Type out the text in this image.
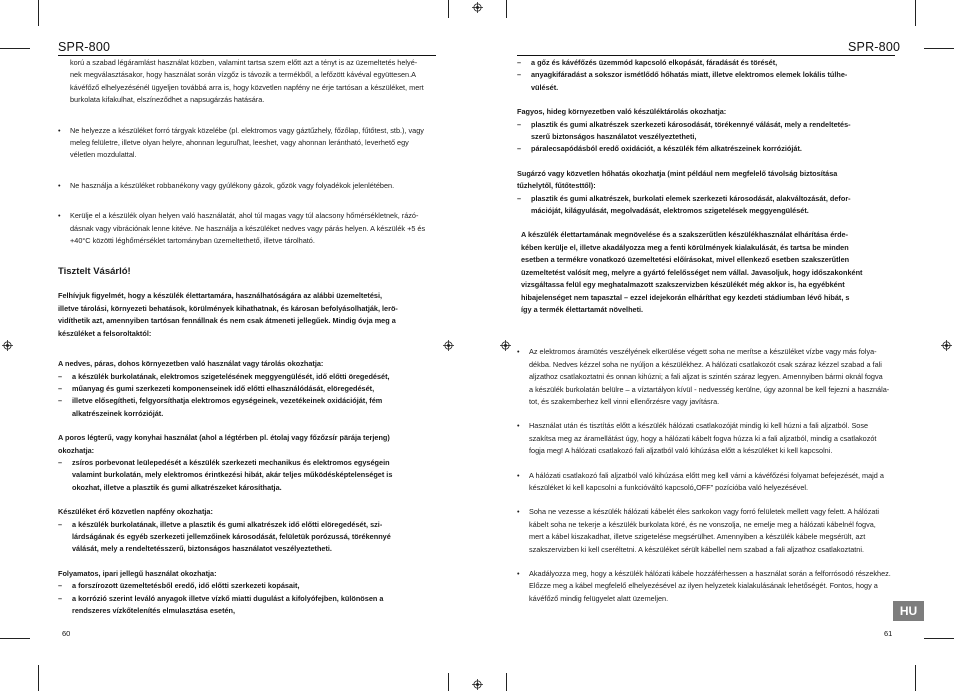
SPR-800	SPR-800
korú a szabad légáramlást használat közben, valamint tartsa szem előtt azt a tényt is az üzemeltetés helyé-
nek megválasztásakor, hogy használat során vízgőz is távozik a termékből, a lefőzött kávéval együttesen.A
kávéfőző elhelyezésénél ügyeljen továbbá arra is, hogy közvetlen napfény ne érje tartósan a készüléket, mert
burkolata kifakulhat, elszíneződhet a napsugárzás hatására.
• Ne helyezze a készüléket forró tárgyak közelébe (pl. elektromos vagy gáztűzhely, főzőlap, fűtőtest, stb.), vagy
meleg felületre, illetve olyan helyre, ahonnan leguruľhat, leeshet, vagy ahonnan lerántható, leverhető egy
véletlen mozdulattal.
• Ne használja a készüléket robbanékony vagy gyúlékony gázok, gőzök vagy folyadékok jelenlétében.
• Kerülje el a készülék olyan helyen való használatát, ahol túl magas vagy túl alacsony hőmérsékletnek, rázó-
dásnak vagy vibrációnak lenne kitéve. Ne használja a készüléket nedves vagy párás helyen. A készülék +5 és
+40°C közötti léghőmérséklet tartományban üzemeltethető, illetve tárolható.
Tisztelt Vásárló!
Felhívjuk figyelmét, hogy a készülék élettartamára, használhatóságára az alábbi üzemeltetési,
illetve tárolási, környezeti behatások, körülmények kihathatnak, és károsan befolyásolhatják, lerö-
vidíthetik azt, amennyiben tartósan fennállnak és nem csak átmeneti jellegűek. Mindig óvja meg a
készüléket a felsoroltaktól:
A nedves, páras, dohos környezetben való használat vagy tárolás okozhatja:
– a készülék burkolatának, elektromos szigetelésének meggyengülését, idő előtti öregedését,
– műanyag és gumi szerkezeti komponenseinek idő előtti elhasználódását, elöregedését,
– illetve elősegítheti, felgyorsíthatja elektromos egységeinek, vezetékeinek oxidációját, fém
alkatrészeinek korrózióját.
A poros légterű, vagy konyhai használat (ahol a légtérben pl. étolaj vagy főzőzsír pärája terjeng)
okozhatja:
– zsíros porbevonat leülepedését a készülék szerkezeti mechanikus és elektromos egységein
valamint burkolatán, mely elektromos érintkezési hibát, akár teljes működésképtelenséget is
okozhat, illetve a plasztik és gumi alkatrészeket károsíthatja.
Készüléket érő közvetlen napfény okozhatja:
– a készülék burkolatának, illetve a plasztik és gumi alkatrészek idő előtti elöregedését, szi-
lárdságának és egyéb szerkezeti jellemzőinek károsodását, felületük porózussá, törékennyé
válását, mely a rendeltetésszerű, biztonságos használatot veszélyeztetheti.
Folyamatos, ipari jellegű használat okozhatja:
– a forszírozott üzemeltetésből eredő, idő előtti szerkezeti kopásait,
– a korrózió szerint leváló anyagok illetve vízkő miatti dugulást a kifolyófejben, különösen a
rendszeres vízkőtelenítés elmulasztása esetén,
60
– a gőz és kávéfőzés üzemmód kapcsoló elkopását, fáradását és törését,
– anyagkifáradást a sokszor ismétlődő hőhatás miatt, illetve elektromos elemek lokális túlhe-
vülését.
Fagyos, hideg környezetben való készüléktárolás okozhatja:
– plasztik és gumi alkatrészek szerkezeti károsodását, törékennyé válását, mely a rendeltetés-
szerű biztonságos használatot veszélyeztetheti,
– páralecsapódásból eredő oxidációt, a készülék fém alkatrészeinek korrózióját.
Sugárzó vagy közvetlen hőhatás okozhatja (mint például nem megfelelő távolság biztosítása
tűzhelytől, fűtőtesttől):
– plasztik és gumi alkatrészek, burkolati elemek szerkezeti károsodását, alakváltozását, defor-
mációját, kilágyulását, megolvadását, elektromos szigetelések meggyengülését.
A készülék élettartamának megnövelése és a szakszerűtlen készülékhasználat elhárítása érde-
kében kerülje el, illetve akadályozza meg a fenti körülmények kialakulását, és tartsa be minden
esetben a termékre vonatkozó üzemeltetési előírásokat, mivel ellenkező esetben szakszerűtlen
üzemeltetést valósít meg, melyre a gyártó felelősséget nem vállal. Javasoljuk, hogy időszakonként
vizsgáltassa felül egy meghatalmazott szakszervizben készülékét még akkor is, ha egyébként
hibajelenséget nem tapasztal – ezzel idejekorán elháríthat egy kezdeti stádiumban lévő hibát, s
így a termék élettartamát növelheti.
• Az elektromos áramütés veszélyének elkerülése végett soha ne merítse a készüléket vízbe vagy más folya-
dékba. Nedves kézzel soha ne nyúljon a készülékhez. A hálózati csatlakozót csak száraz kézzel szabad a fali
aljzathoz csatlakoztatni és onnan kihúzni; a fali aljzat is szintén száraz legyen. Amennyiben bármi oknál fogva
a készülék burkolatán belülre – a víztartályon kívül - nedvesség kerülne, úgy azonnal be kell fejezni a használa-
tot, és szakemberhez kell vinni ellenőrzésre vagy javításra.
• Használat után és tisztítás előtt a készülék hálózati csatlakozóját mindig ki kell húzni a fali aljzatból. Sose
szakítsa meg az áramellátást úgy, hogy a hálózati kábelt fogva húzza ki a fali aljzatból, mindig a csatlakozót
fogja meg! A hálózati csatlakozó fali aljzatból való kihúzása előtt a készüléket ki kell kapcsolni.
• A hálózati csatlakozó fali aljzatból való kihúzása előtt meg kell várni a kávéfőzési folyamat befejezését, majd a
készüléket ki kell kapcsolni a funkcióváltó kapcsoló„OFF” pozícióba való helyezésével.
• Soha ne vezesse a készülék hálózati kábelét éles sarkokon vagy forró felületek mellett vagy felett. A hálózati
kábelt soha ne tekerje a készülék burkolata köré, és ne vonszolja, ne emelje meg a hálózati kábelnél fogva,
mert a kábel kiszakadhat, illetve szigetelése megsérülhet. Amennyiben a készülék kábele megsérült, azt
szakszervizben ki kell cseréltetni. A készüléket sérült kábellel nem szabad a fali aljzathoz csatlakoztatni.
• Akadályozza meg, hogy a készülék hálózati kábele hozzáférhessen a használat során a felforrósodó részekhez.
Előzze meg a kábel megfelelő elhelyezésével az ilyen helyzetek kialakulásának lehetőségét. Fontos, hogy a
kávéfőző mindig felügyelet alatt üzemeljen.
61
HU
